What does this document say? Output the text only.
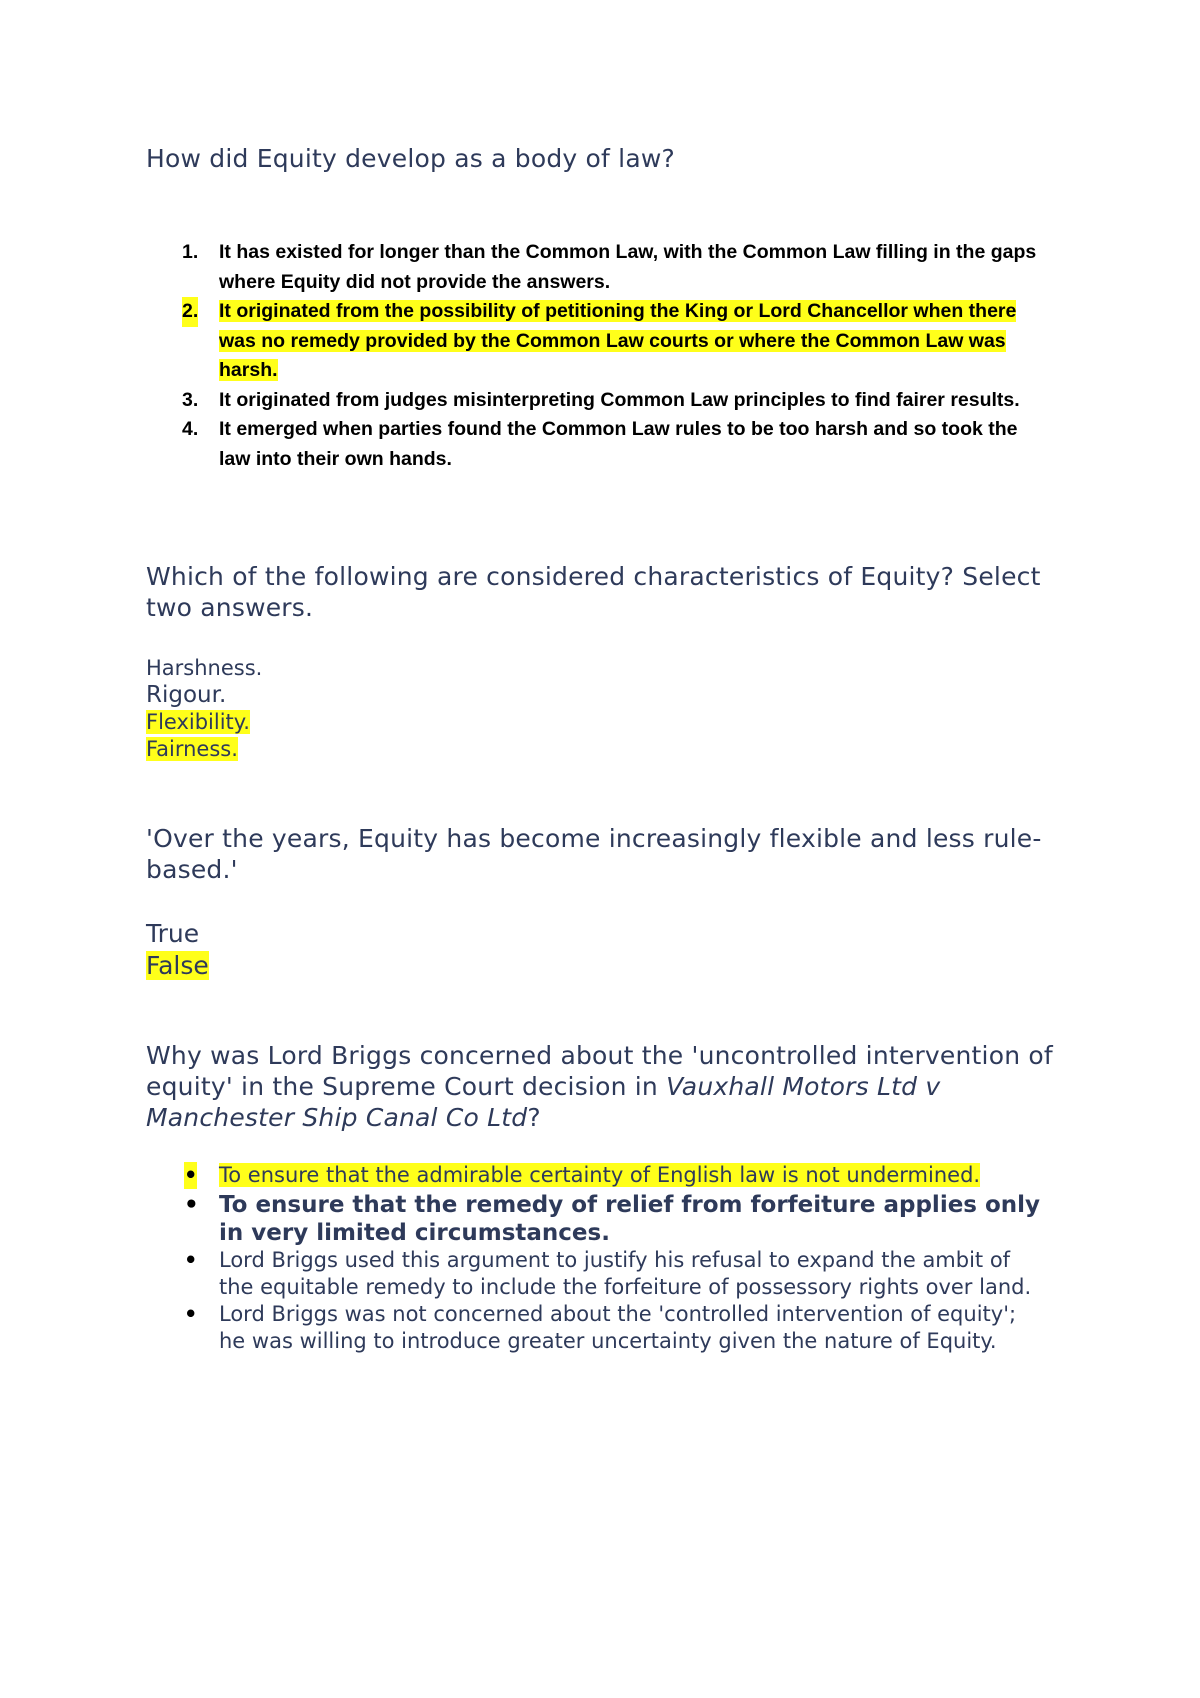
How did Equity develop as a body of law?
1. It has existed for longer than the Common Law, with the Common Law filling in the gaps where Equity did not provide the answers.
2. It originated from the possibility of petitioning the King or Lord Chancellor when there was no remedy provided by the Common Law courts or where the Common Law was harsh.
3. It originated from judges misinterpreting Common Law principles to find fairer results.
4. It emerged when parties found the Common Law rules to be too harsh and so took the law into their own hands.
Which of the following are considered characteristics of Equity? Select two answers.
Harshness.
Rigour.
Flexibility.
Fairness.
'Over the years, Equity has become increasingly flexible and less rule-based.'
True
False
Why was Lord Briggs concerned about the 'uncontrolled intervention of equity' in the Supreme Court decision in Vauxhall Motors Ltd v Manchester Ship Canal Co Ltd?
• To ensure that the admirable certainty of English law is not undermined.
• To ensure that the remedy of relief from forfeiture applies only in very limited circumstances.
• Lord Briggs used this argument to justify his refusal to expand the ambit of the equitable remedy to include the forfeiture of possessory rights over land.
• Lord Briggs was not concerned about the 'controlled intervention of equity'; he was willing to introduce greater uncertainty given the nature of Equity.
